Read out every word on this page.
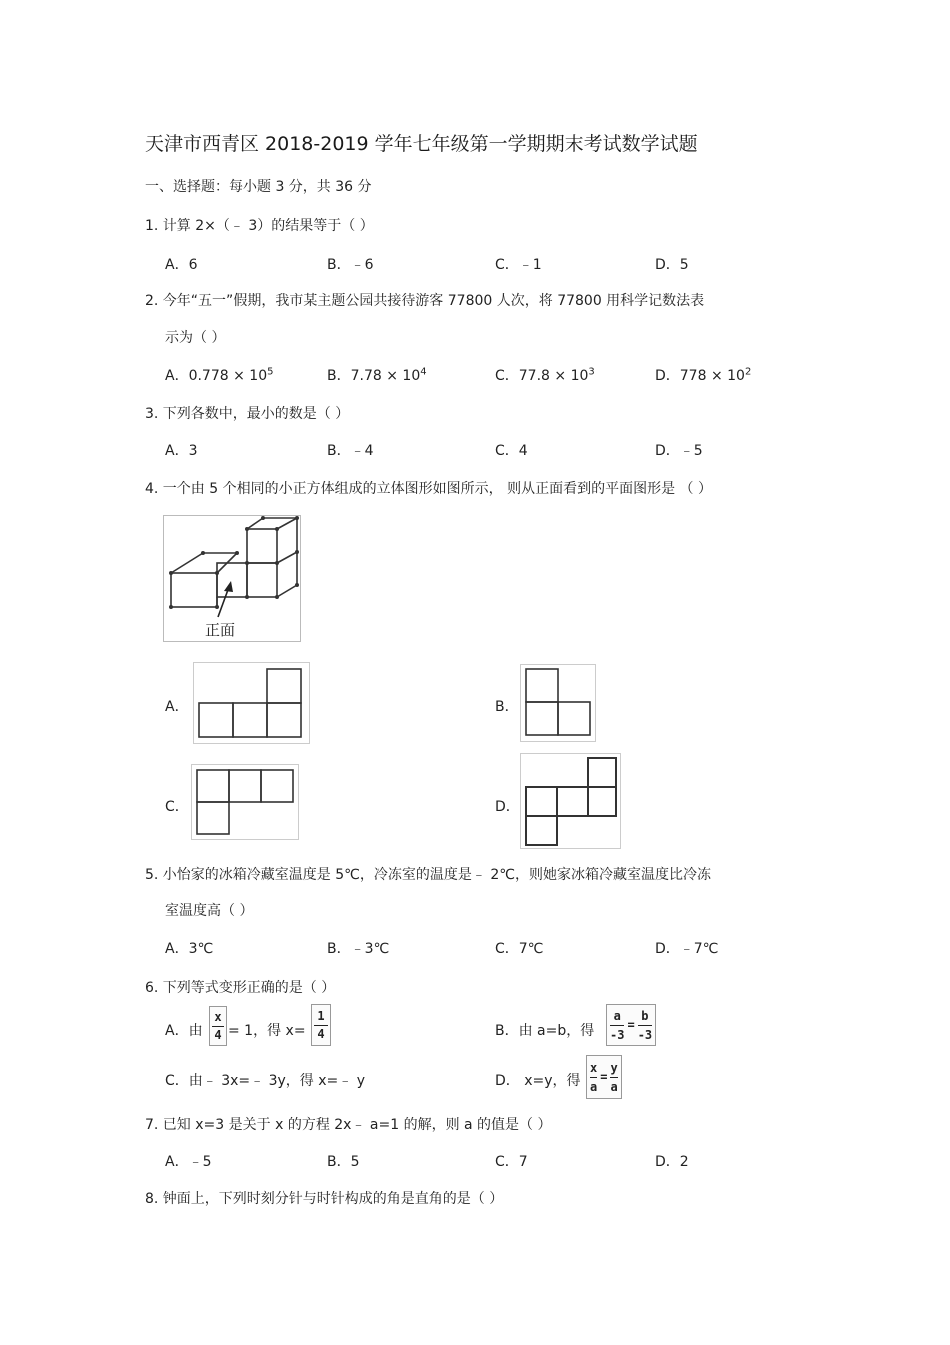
天津市西青区 2018-2019 学年七年级第一学期期末考试数学试题
一、选择题：每小题 3 分，共 36 分
1. 计算 2×（﹣ 3）的结果等于（ ）
A．6	B．﹣6	C．﹣1	D．5
2. 今年“五一”假期，我市某主题公园共接待游客 77800 人次，将 77800 用科学记数法表
示为（ ）
A．$0.778 \times 10^5$	B．$7.78 \times 10^4$	C．$77.8 \times 10^3$	D．$778 \times 10^2$
3. 下列各数中，最小的数是（ ）
A．3	B．﹣4	C．4	D．﹣5
4. 一个由 5 个相同的小正方体组成的立体图形如图所示， 则从正面看到的平面图形是 （ ）
正面
A．	B．
C．	D．
5. 小怡家的冰箱冷藏室温度是 5℃，冷冻室的温度是﹣ 2℃，则她家冰箱冷藏室温度比冷冻
室温度高（ ）
A．3℃	B．﹣3℃	C．7℃	D．﹣7℃
6. 下列等式变形正确的是（ ）
A．由
x
4 = 1，得 x=
1
4	B．由 a=b，得
a
-3
=
b
-3
C．由﹣ 3x=﹣ 3y，得 x=﹣ y	D． x=y，得
x
a
=
y
a
7. 已知 x=3 是关于 x 的方程 2x﹣ a=1 的解，则 a 的值是（ ）
A．﹣5	B．5	C．7	D．2
8. 钟面上，下列时刻分针与时针构成的角是直角的是（ ）
